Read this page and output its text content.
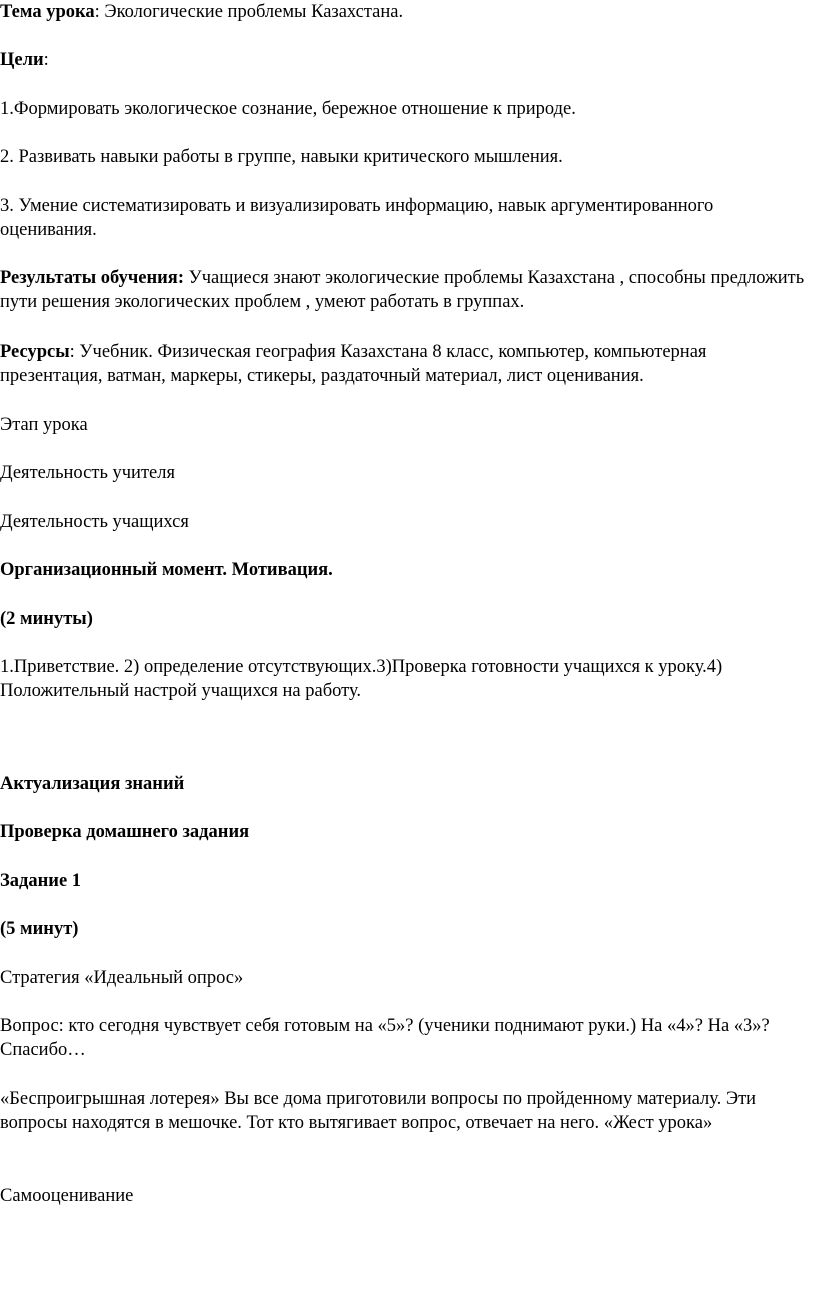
Тема урока: Экологические проблемы Казахстана.

Цели:

1.Формировать экологическое сознание, бережное отношение к природе.

2. Развивать навыки работы в группе, навыки критического мышления.

3. Умение систематизировать и визуализировать информацию, навык аргументированного оценивания.

Результаты обучения: Учащиеся знают экологические проблемы Казахстана , способны предложить пути решения экологических проблем , умеют работать в группах.

Ресурсы: Учебник. Физическая география Казахстана 8 класс, компьютер, компьютерная презентация, ватман, маркеры, стикеры, раздаточный материал, лист оценивания.

Этап урока

Деятельность учителя

Деятельность учащихся

Организационный момент. Мотивация.

(2 минуты)

1.Приветствие. 2) определение отсутствующих.3)Проверка готовности учащихся к уроку.4) Положительный настрой учащихся на работу.

Актуализация знаний

Проверка домашнего задания

Задание 1

(5 минут)

Стратегия «Идеальный опрос»

Вопрос: кто сегодня чувствует себя готовым на «5»? (ученики поднимают руки.) На «4»? На «3»? Спасибо…

«Беспроигрышная лотерея» Вы все дома приготовили вопросы по пройденному материалу. Эти вопросы находятся в мешочке. Тот кто вытягивает вопрос, отвечает на него. «Жест урока»

Самооценивание
